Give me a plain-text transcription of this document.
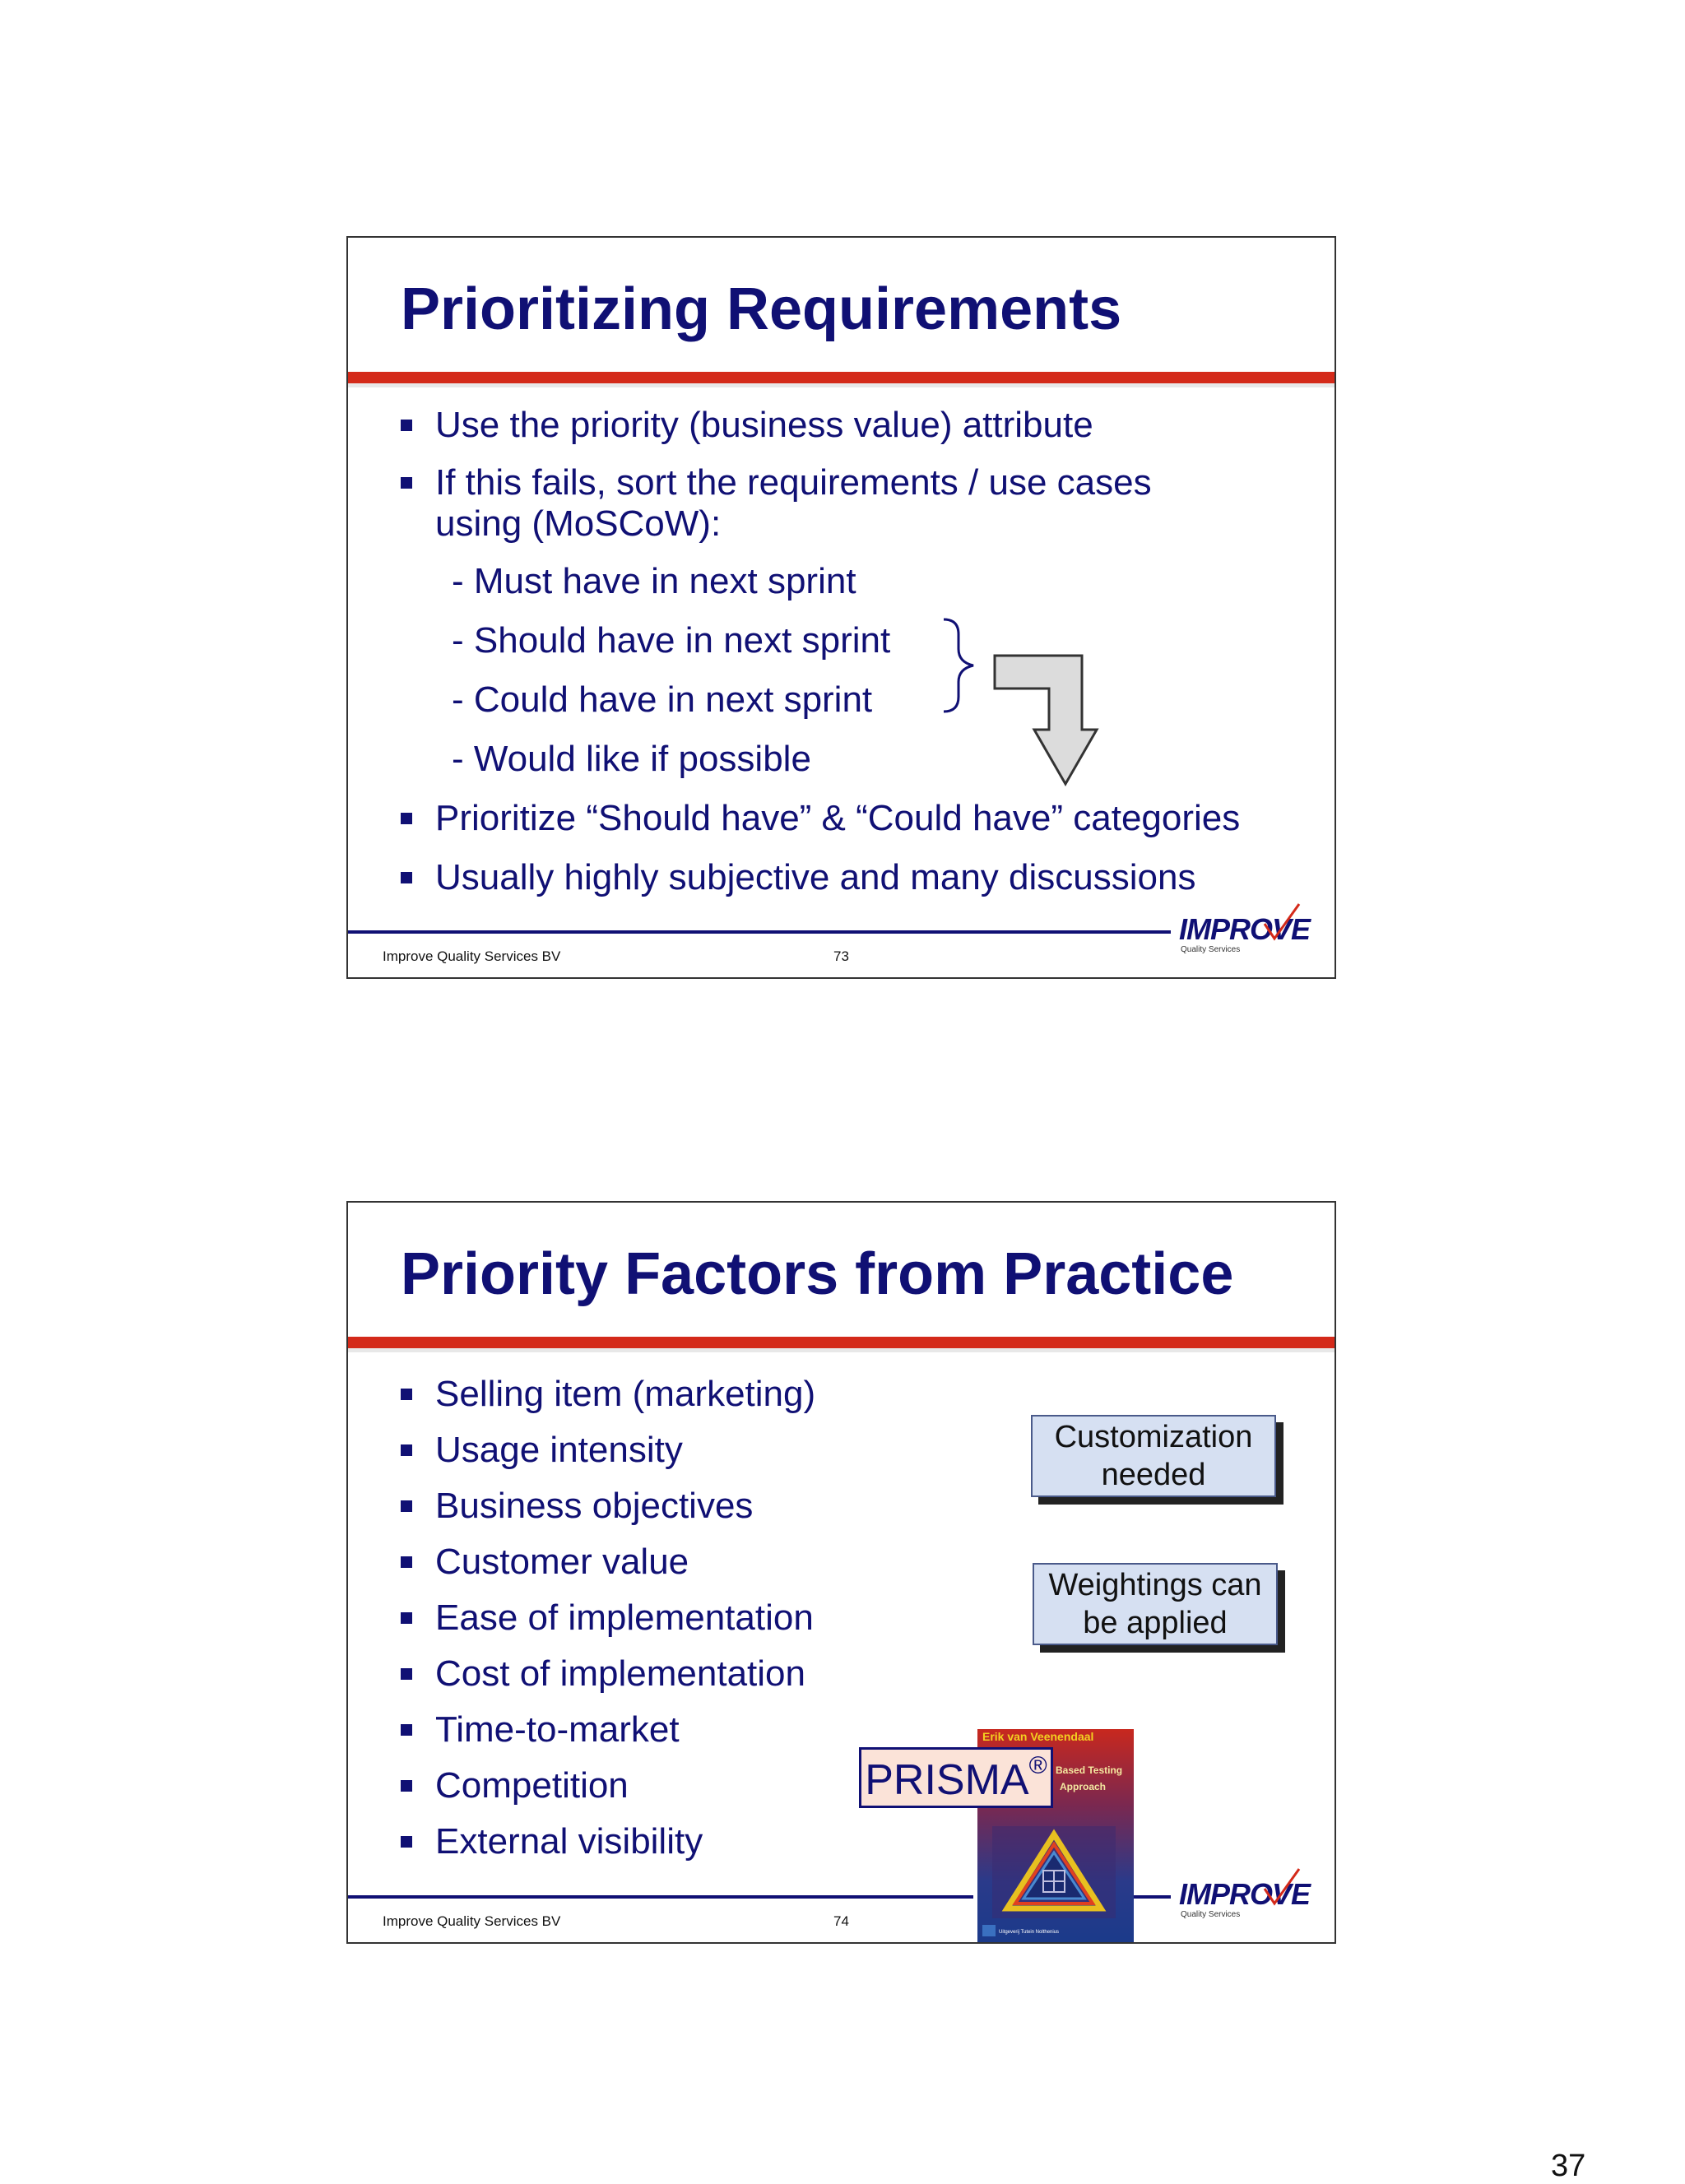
Prioritizing Requirements
Use the priority (business value) attribute
If this fails, sort the requirements / use cases using (MoSCoW):
- Must have in next sprint
- Should have in next sprint
- Could have in next sprint
- Would like if possible
Prioritize “Should have” & “Could have” categories
Usually highly subjective and many discussions
Improve Quality Services BV	73
IMPROVE
Quality Services
Priority Factors from Practice
Selling item (marketing)
Usage intensity
Business objectives
Customer value
Ease of implementation
Cost of implementation
Time-to-market
Competition
External visibility
Customization needed
Weightings can be applied
Erik van Veenendaal
Based Testing
Approach
Uitgeverij Tutein Nolthenius
PRISMA®
Improve Quality Services BV	74
IMPROVE
Quality Services
37
